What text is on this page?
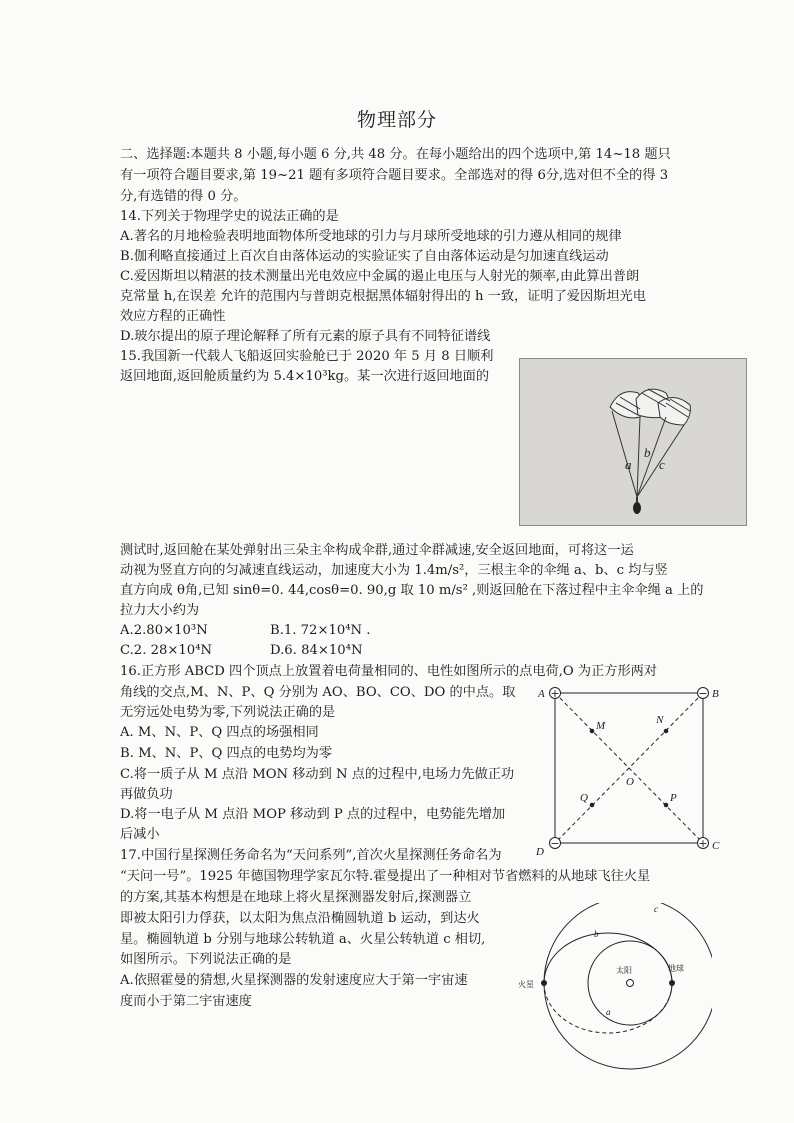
物理部分
二、选择题:本题共 8 小题,每小题 6 分,共 48 分。在每小题给出的四个选项中,第 14~18 题只
有一项符合题目要求,第 19~21 题有多项符合题目要求。全部选对的得 6分,选对但不全的得 3
分,有选错的得 0 分。
14.下列关于物理学史的说法正确的是
A.著名的月地检验表明地面物体所受地球的引力与月球所受地球的引力遵从相同的规律
B.伽利略直接通过上百次自由落体运动的实验证实了自由落体运动是匀加速直线运动
C.爱因斯坦以精湛的技术测量出光电效应中金属的遏止电压与人射光的频率,由此算出普朗
克常量 h,在误差 允许的范围内与普朗克根据黑体辐射得出的 h 一致，证明了爱因斯坦光电
效应方程的正确性
D.玻尔提出的原子理论解释了所有元素的原子具有不同特征谱线
15.我国新一代载人飞船返回实验舱已于 2020 年 5 月 8 日顺利
返回地面,返回舱质量约为 5.4×10³kg。某一次进行返回地面的
测试时,返回舱在某处弹射出三朵主伞构成伞群,通过伞群减速,安全返回地面，可将这一运
动视为竖直方向的匀减速直线运动，加速度大小为 1.4m/s²，三根主伞的伞绳 a、b、c 均与竖
直方向成 θ角,已知 sinθ=0. 44,cosθ=0. 90,g 取 10 m/s² ,则返回舱在下落过程中主伞伞绳 a 上的
拉力大小约为
16.正方形 ABCD 四个顶点上放置着电荷量相同的、电性如图所示的点电荷,O 为正方形两对
角线的交点,M、N、P、Q 分别为 AO、BO、CO、DO 的中点。取
无穷远处电势为零,下列说法正确的是
A. M、N、P、Q 四点的场强相同
B. M、N、P、Q 四点的电势均为零
C.将一质子从 M 点沿 MON 移动到 N 点的过程中,电场力先做正功
再做负功
D.将一电子从 M 点沿 MOP 移动到 P 点的过程中，电势能先增加
后减小
17.中国行星探测任务命名为“天问系列”,首次火星探测任务命名为
“天问一号”。1925 年德国物理学家瓦尔特.霍曼提出了一种相对节省燃料的从地球飞往火星
的方案,其基本构想是在地球上将火星探测器发射后,探测器立
即被太阳引力俘获，以太阳为焦点沿椭圆轨道 b 运动，到达火
星。椭圆轨道 b 分别与地球公转轨道 a、火星公转轨道 c 相切,
如图所示。下列说法正确的是
A.依照霍曼的猜想,火星探测器的发射速度应大于第一宇宙速
度而小于第二宇宙速度
A.2.80×10³N	B.1. 72×10⁴N .
C.2. 28×10⁴N	D.6. 84×10⁴N
a
b
c
+	−
+
−
A	B
C
D
M	N
P
Q
O
太阳	地球
火星
a
b
c
